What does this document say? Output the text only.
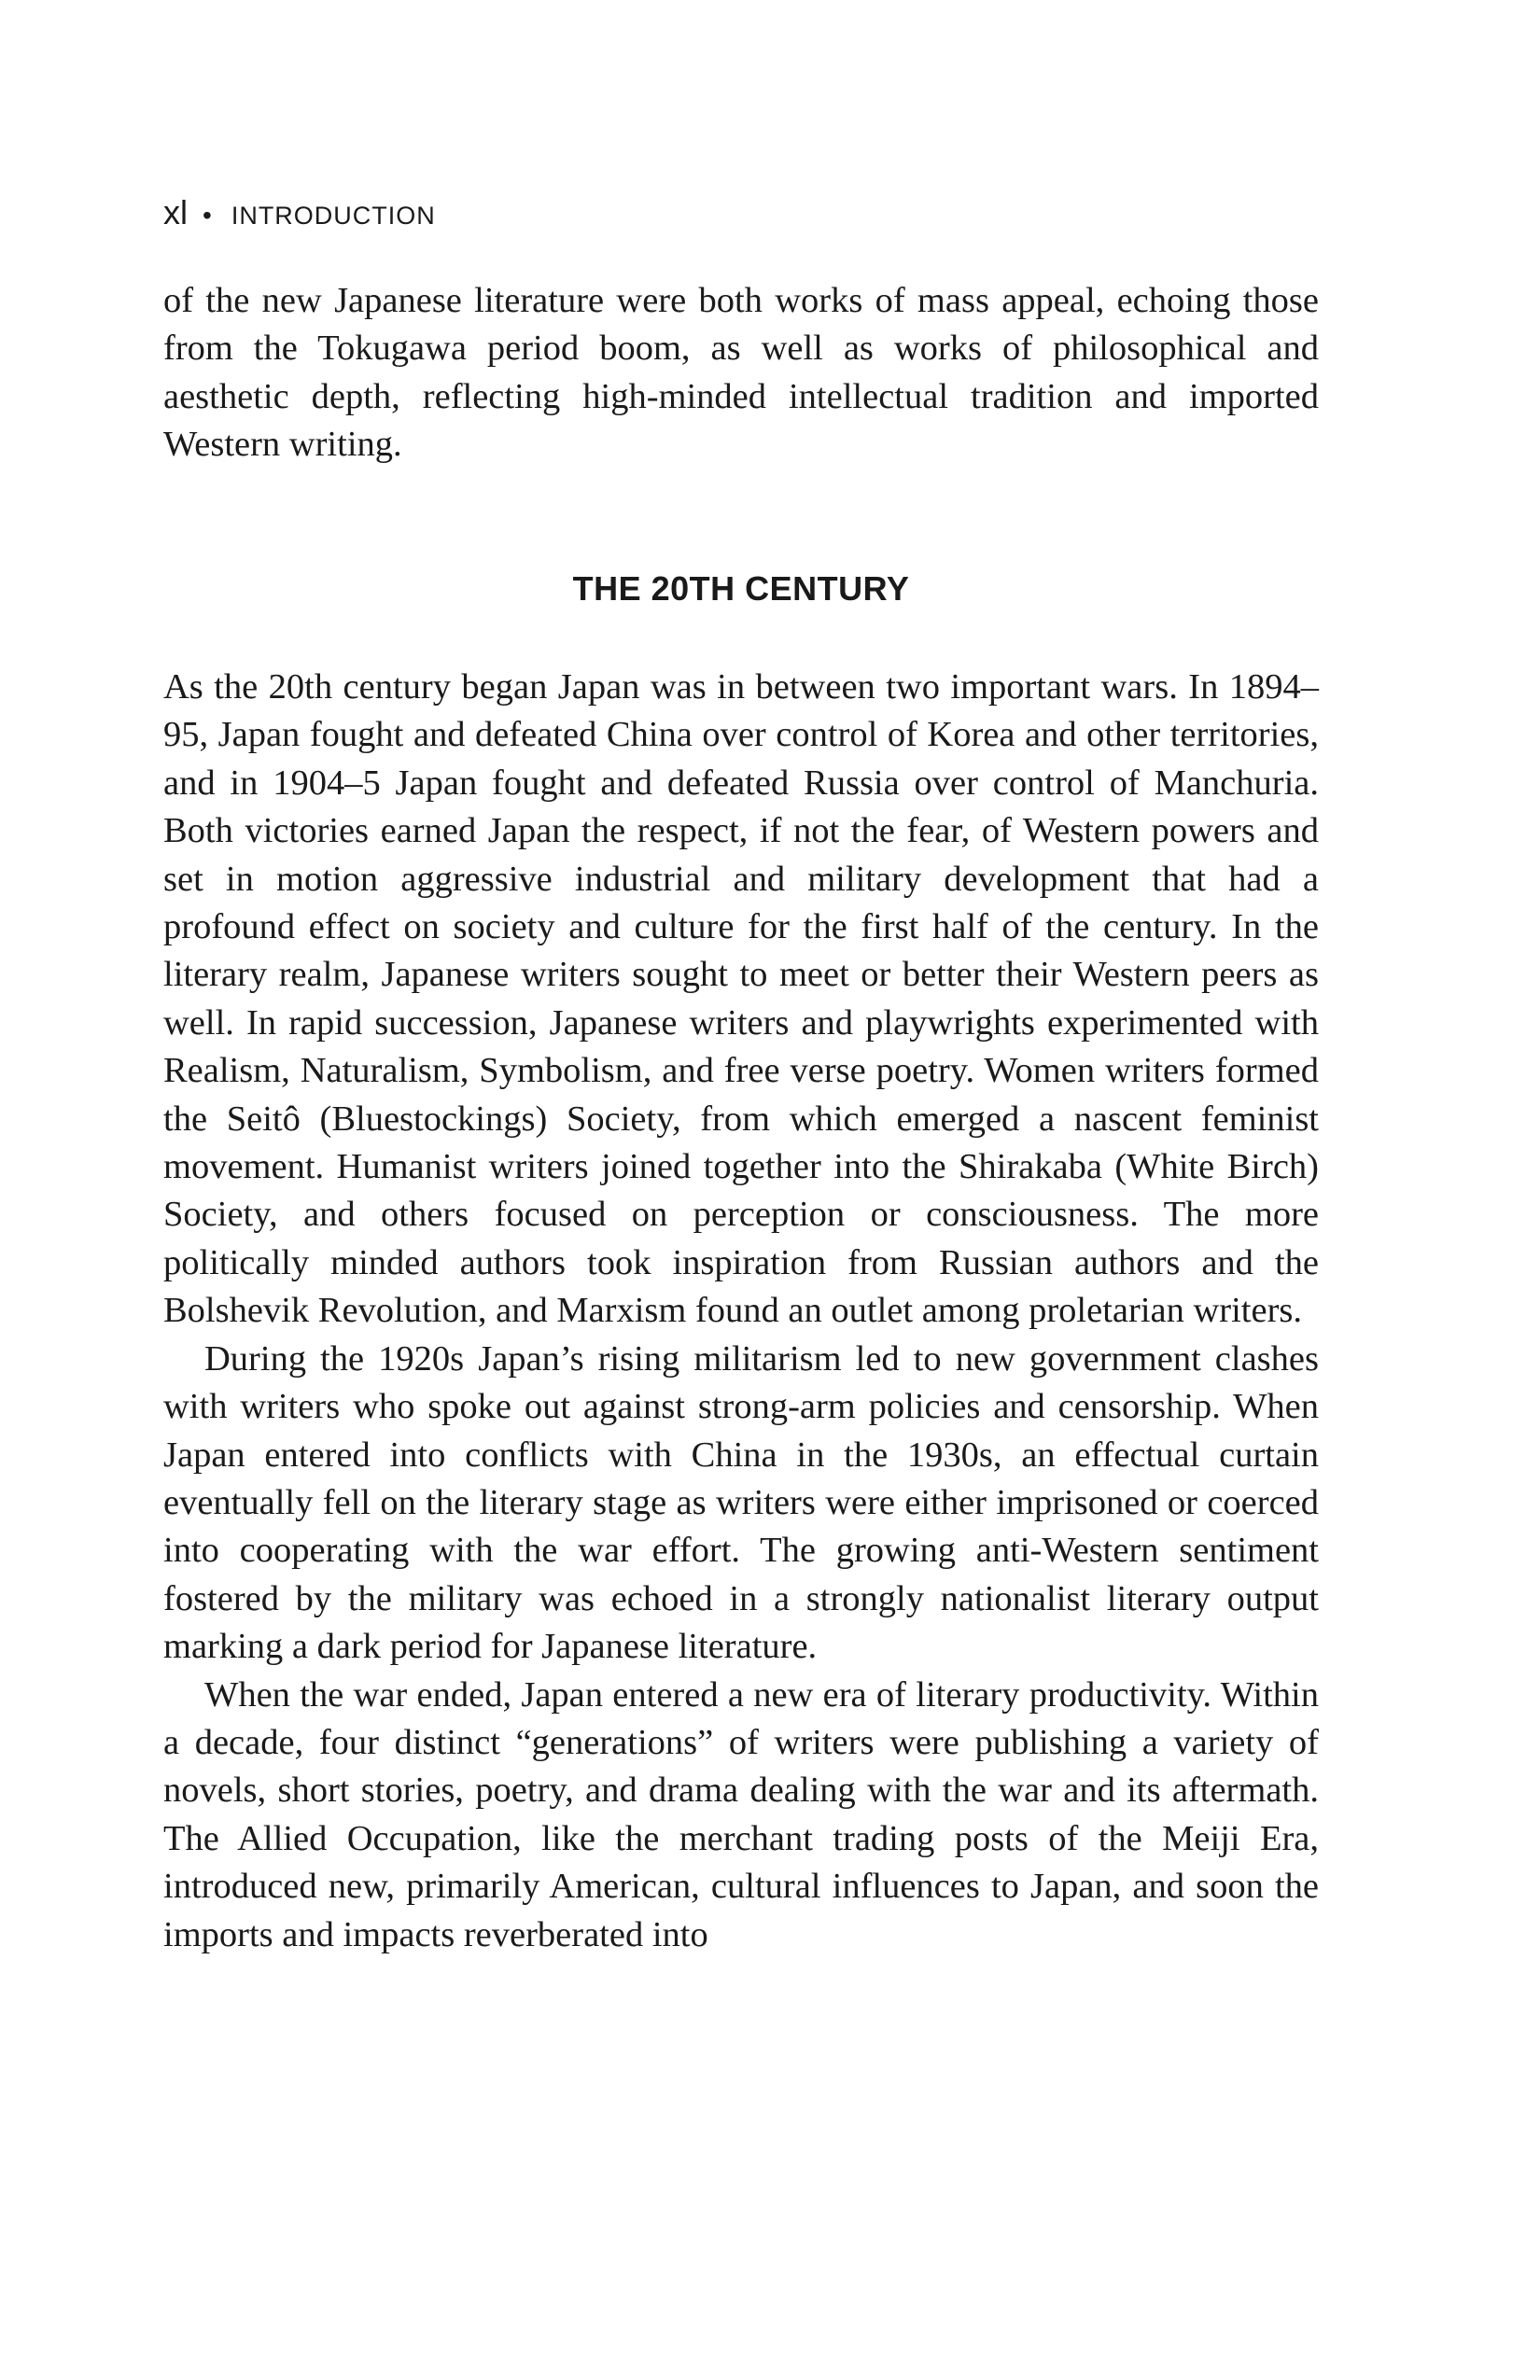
xl • INTRODUCTION

of the new Japanese literature were both works of mass appeal, echoing those from the Tokugawa period boom, as well as works of philosophical and aesthetic depth, reflecting high-minded intellectual tradition and imported Western writing.

THE 20TH CENTURY

As the 20th century began Japan was in between two important wars. In 1894–95, Japan fought and defeated China over control of Korea and other territories, and in 1904–5 Japan fought and defeated Russia over control of Manchuria. Both victories earned Japan the respect, if not the fear, of Western powers and set in motion aggressive industrial and military development that had a profound effect on society and culture for the first half of the century. In the literary realm, Japanese writers sought to meet or better their Western peers as well. In rapid succession, Japanese writers and playwrights experimented with Realism, Naturalism, Symbolism, and free verse poetry. Women writers formed the Seitô (Bluestockings) Society, from which emerged a nascent feminist movement. Humanist writers joined together into the Shirakaba (White Birch) Society, and others focused on perception or consciousness. The more politically minded authors took inspiration from Russian authors and the Bolshevik Revolution, and Marxism found an outlet among proletarian writers.

During the 1920s Japan’s rising militarism led to new government clashes with writers who spoke out against strong-arm policies and censorship. When Japan entered into conflicts with China in the 1930s, an effectual curtain eventually fell on the literary stage as writers were either imprisoned or coerced into cooperating with the war effort. The growing anti-Western sentiment fostered by the military was echoed in a strongly nationalist literary output marking a dark period for Japanese literature.

When the war ended, Japan entered a new era of literary productivity. Within a decade, four distinct “generations” of writers were publishing a variety of novels, short stories, poetry, and drama dealing with the war and its aftermath. The Allied Occupation, like the merchant trading posts of the Meiji Era, introduced new, primarily American, cultural influences to Japan, and soon the imports and impacts reverberated into
